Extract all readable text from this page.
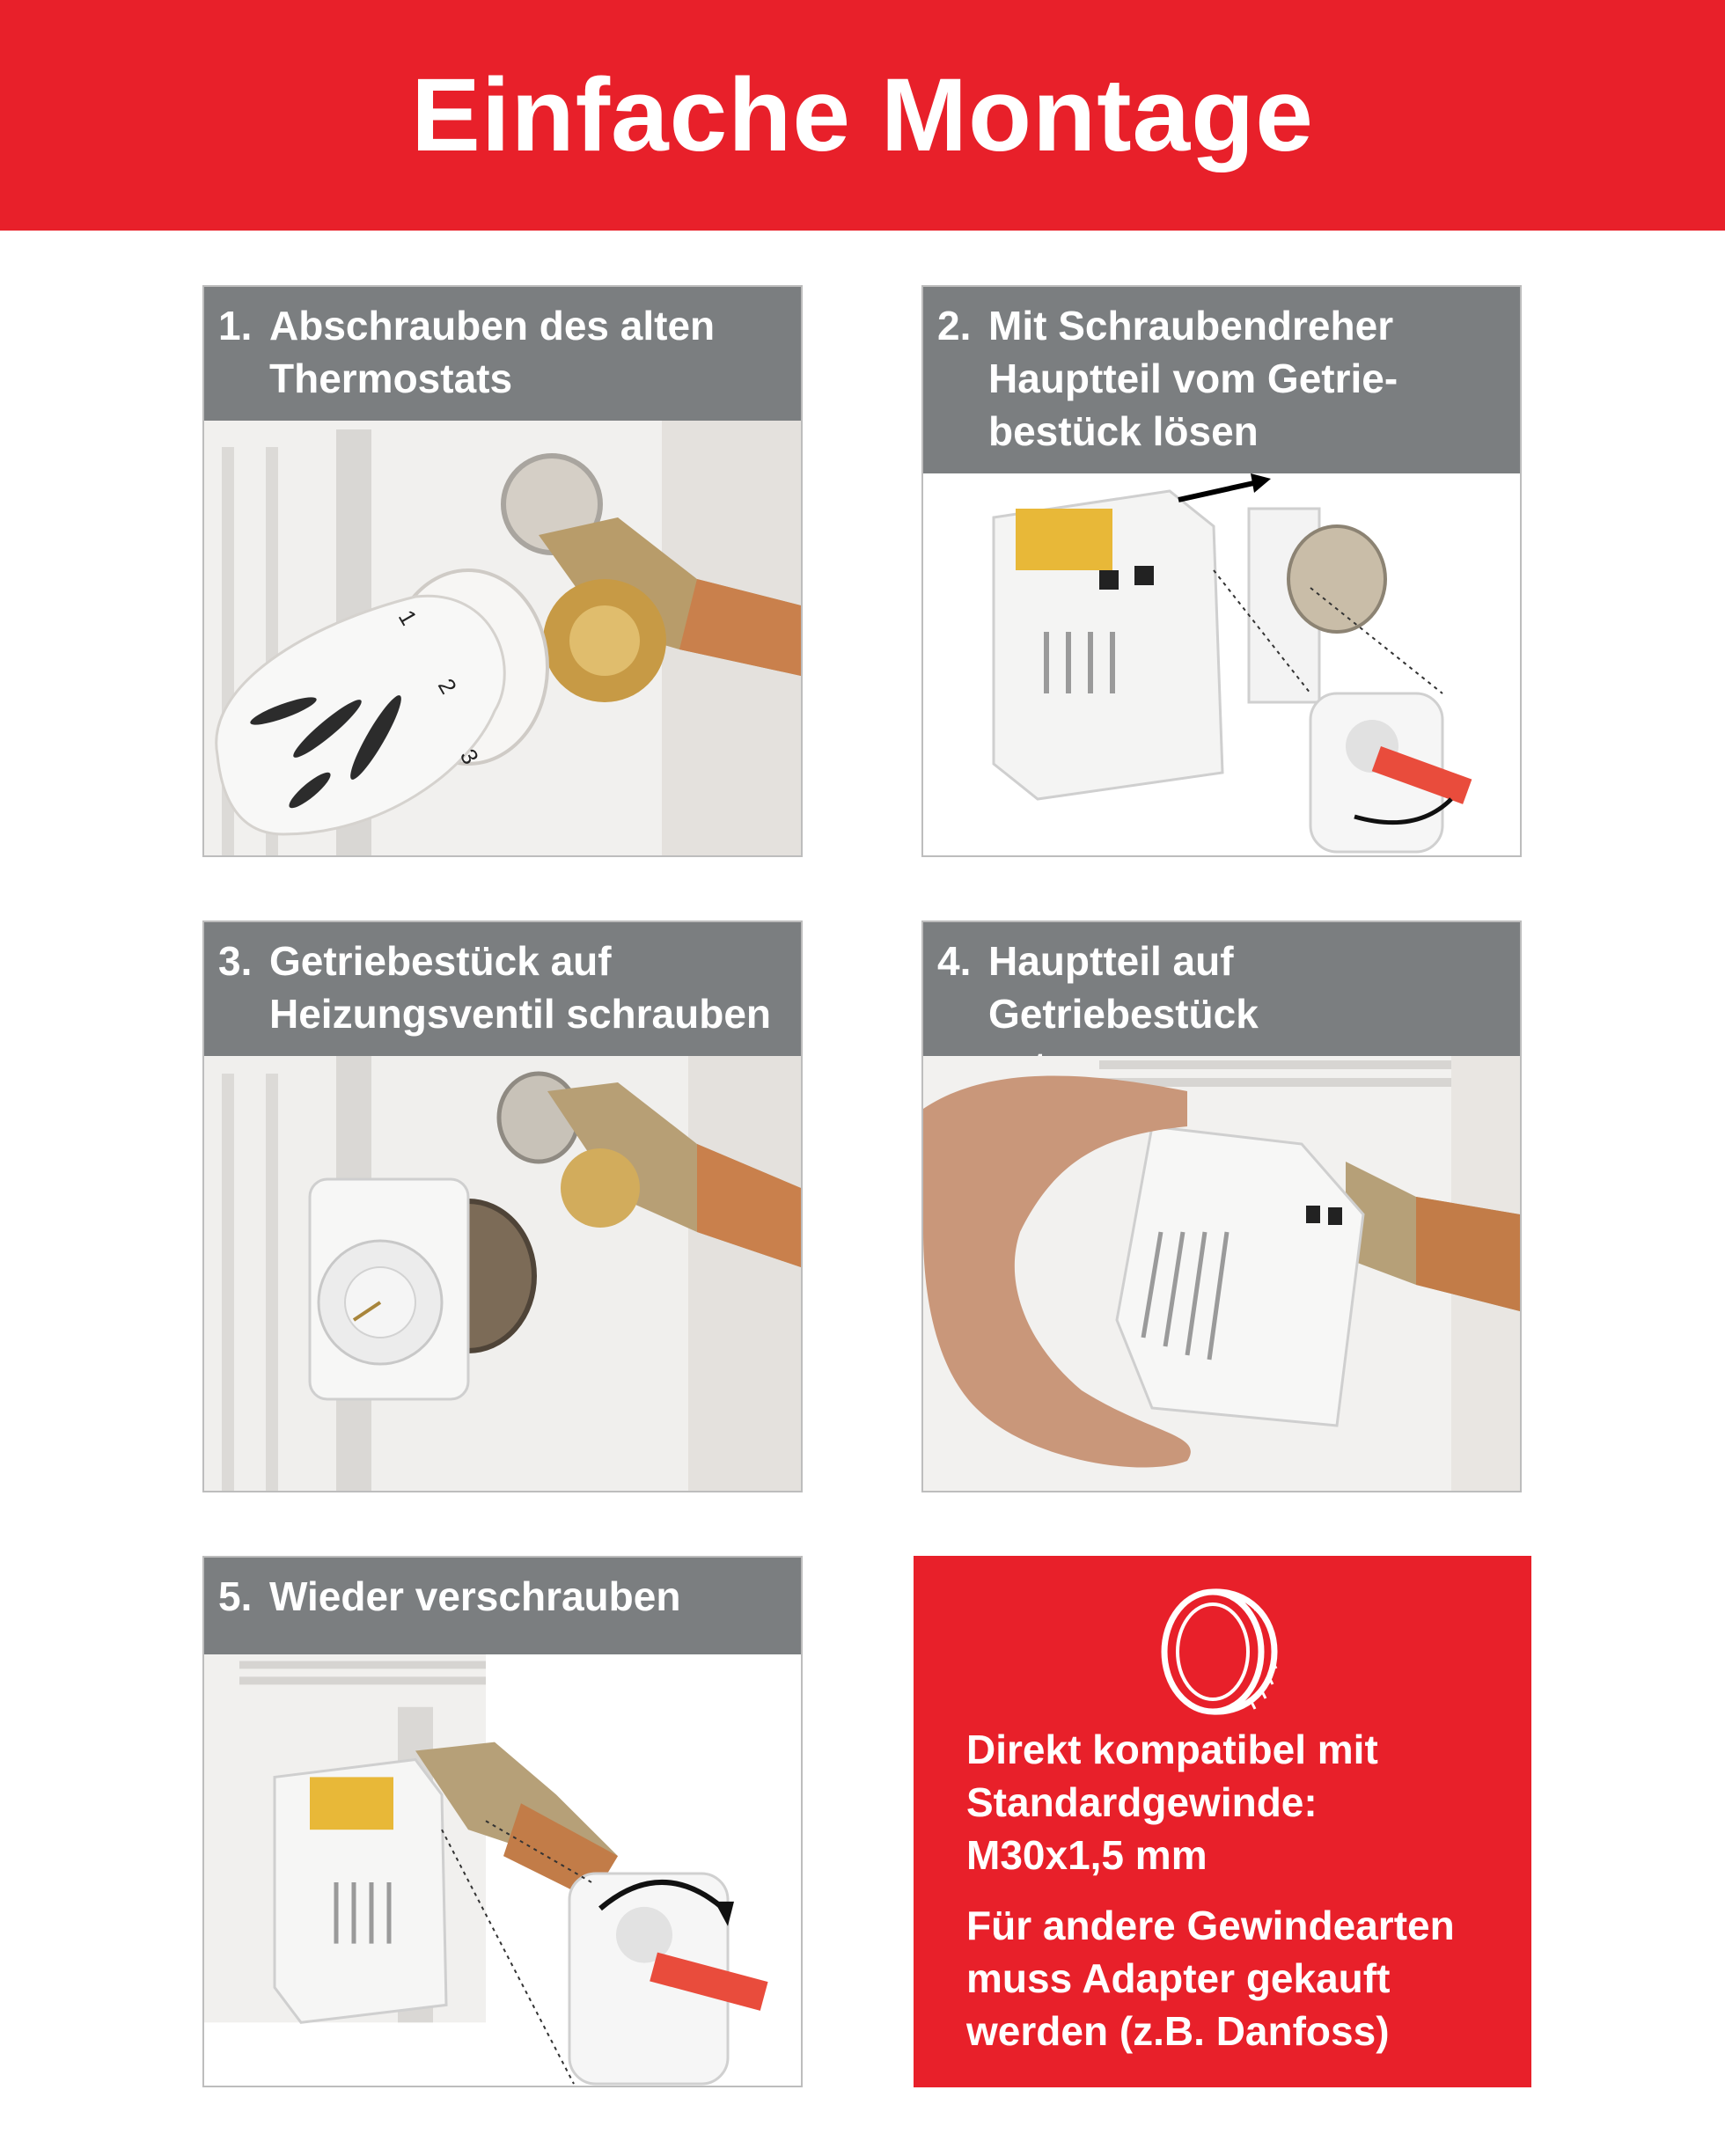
Einfache Montage
1. Abschrauben des alten
Thermostats
1
2
3
2. Mit Schraubendreher
Hauptteil vom Getrie-
bestück lösen
3. Getriebestück auf
Heizungsventil schrauben
4. Hauptteil auf Getriebestück

5. Wieder verschrauben

Direkt kompatibel mit
Standardgewinde:
M30x1,5 mm

Für andere Gewindearten
muss Adapter gekauft
werden (z.B. Danfoss)
